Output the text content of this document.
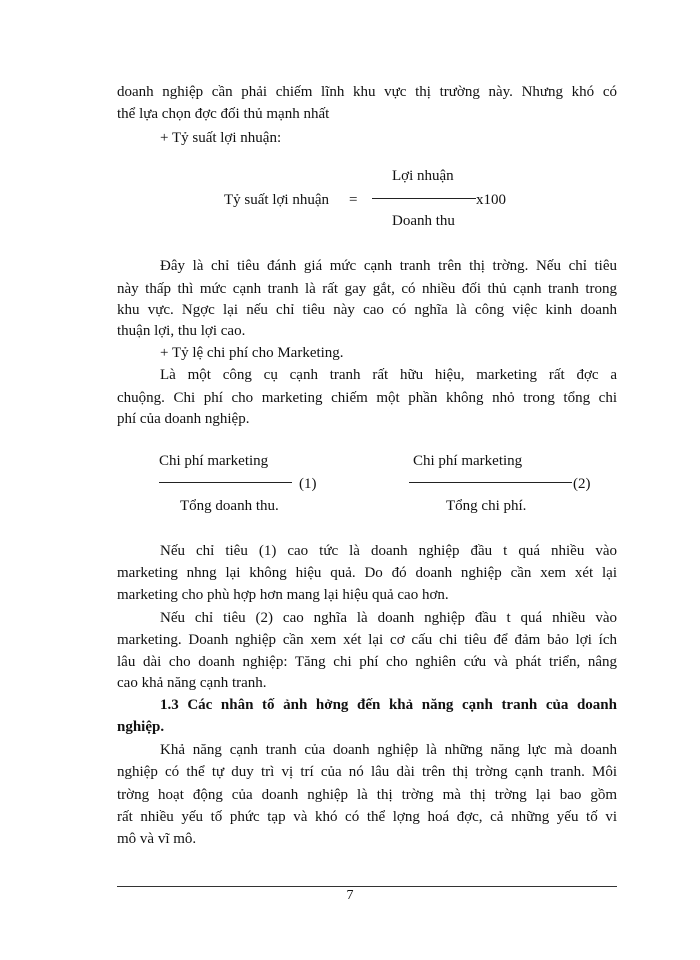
doanh nghiệp cần phải chiếm lĩnh khu vực thị trường này. Nhưng khó có
thể lựa chọn đợc đối thủ mạnh nhất
+ Tỷ suất lợi nhuận:
Tỷ suất lợi nhuận =
Lợi nhuận
x100
Doanh thu
Đây là chỉ tiêu đánh giá mức cạnh tranh trên thị trờng. Nếu chỉ tiêu
này thấp thì mức cạnh tranh là rất gay gắt, có nhiều đối thủ cạnh tranh trong
khu vực. Ngợc lại nếu chỉ tiêu này cao có nghĩa là công việc kinh doanh
thuận lợi, thu lợi cao.
+ Tỷ lệ chi phí cho Marketing.
Là một công cụ cạnh tranh rất hữu hiệu, marketing rất đợc a
chuộng. Chi phí cho marketing chiếm một phần không nhỏ trong tổng chi
phí của doanh nghiệp.
Chi phí marketing
(1)
Tổng doanh thu.
Chi phí marketing
(2)
Tổng chi phí.
Nếu chỉ tiêu (1) cao tức là doanh nghiệp đầu t quá nhiều vào
marketing nhng lại không hiệu quả. Do đó doanh nghiệp cần xem xét lại
marketing cho phù hợp hơn mang lại hiệu quả cao hơn.
Nếu chỉ tiêu (2) cao nghĩa là doanh nghiệp đầu t quá nhiều vào
marketing. Doanh nghiệp cần xem xét lại cơ cấu chi tiêu để đảm bảo lợi ích
lâu dài cho doanh nghiệp: Tăng chi phí cho nghiên cứu và phát triển, nâng
cao khả năng cạnh tranh.
1.3 Các nhân tố ảnh hởng đến khả năng cạnh tranh của doanh
nghiệp.
Khả năng cạnh tranh của doanh nghiệp là những năng lực mà doanh
nghiệp có thể tự duy trì vị trí của nó lâu dài trên thị trờng cạnh tranh. Môi
trờng hoạt động của doanh nghiệp là thị trờng mà thị trờng lại bao gồm
rất nhiều yếu tố phức tạp và khó có thể lợng hoá đợc, cả những yếu tố vi
mô và vĩ mô.
7
